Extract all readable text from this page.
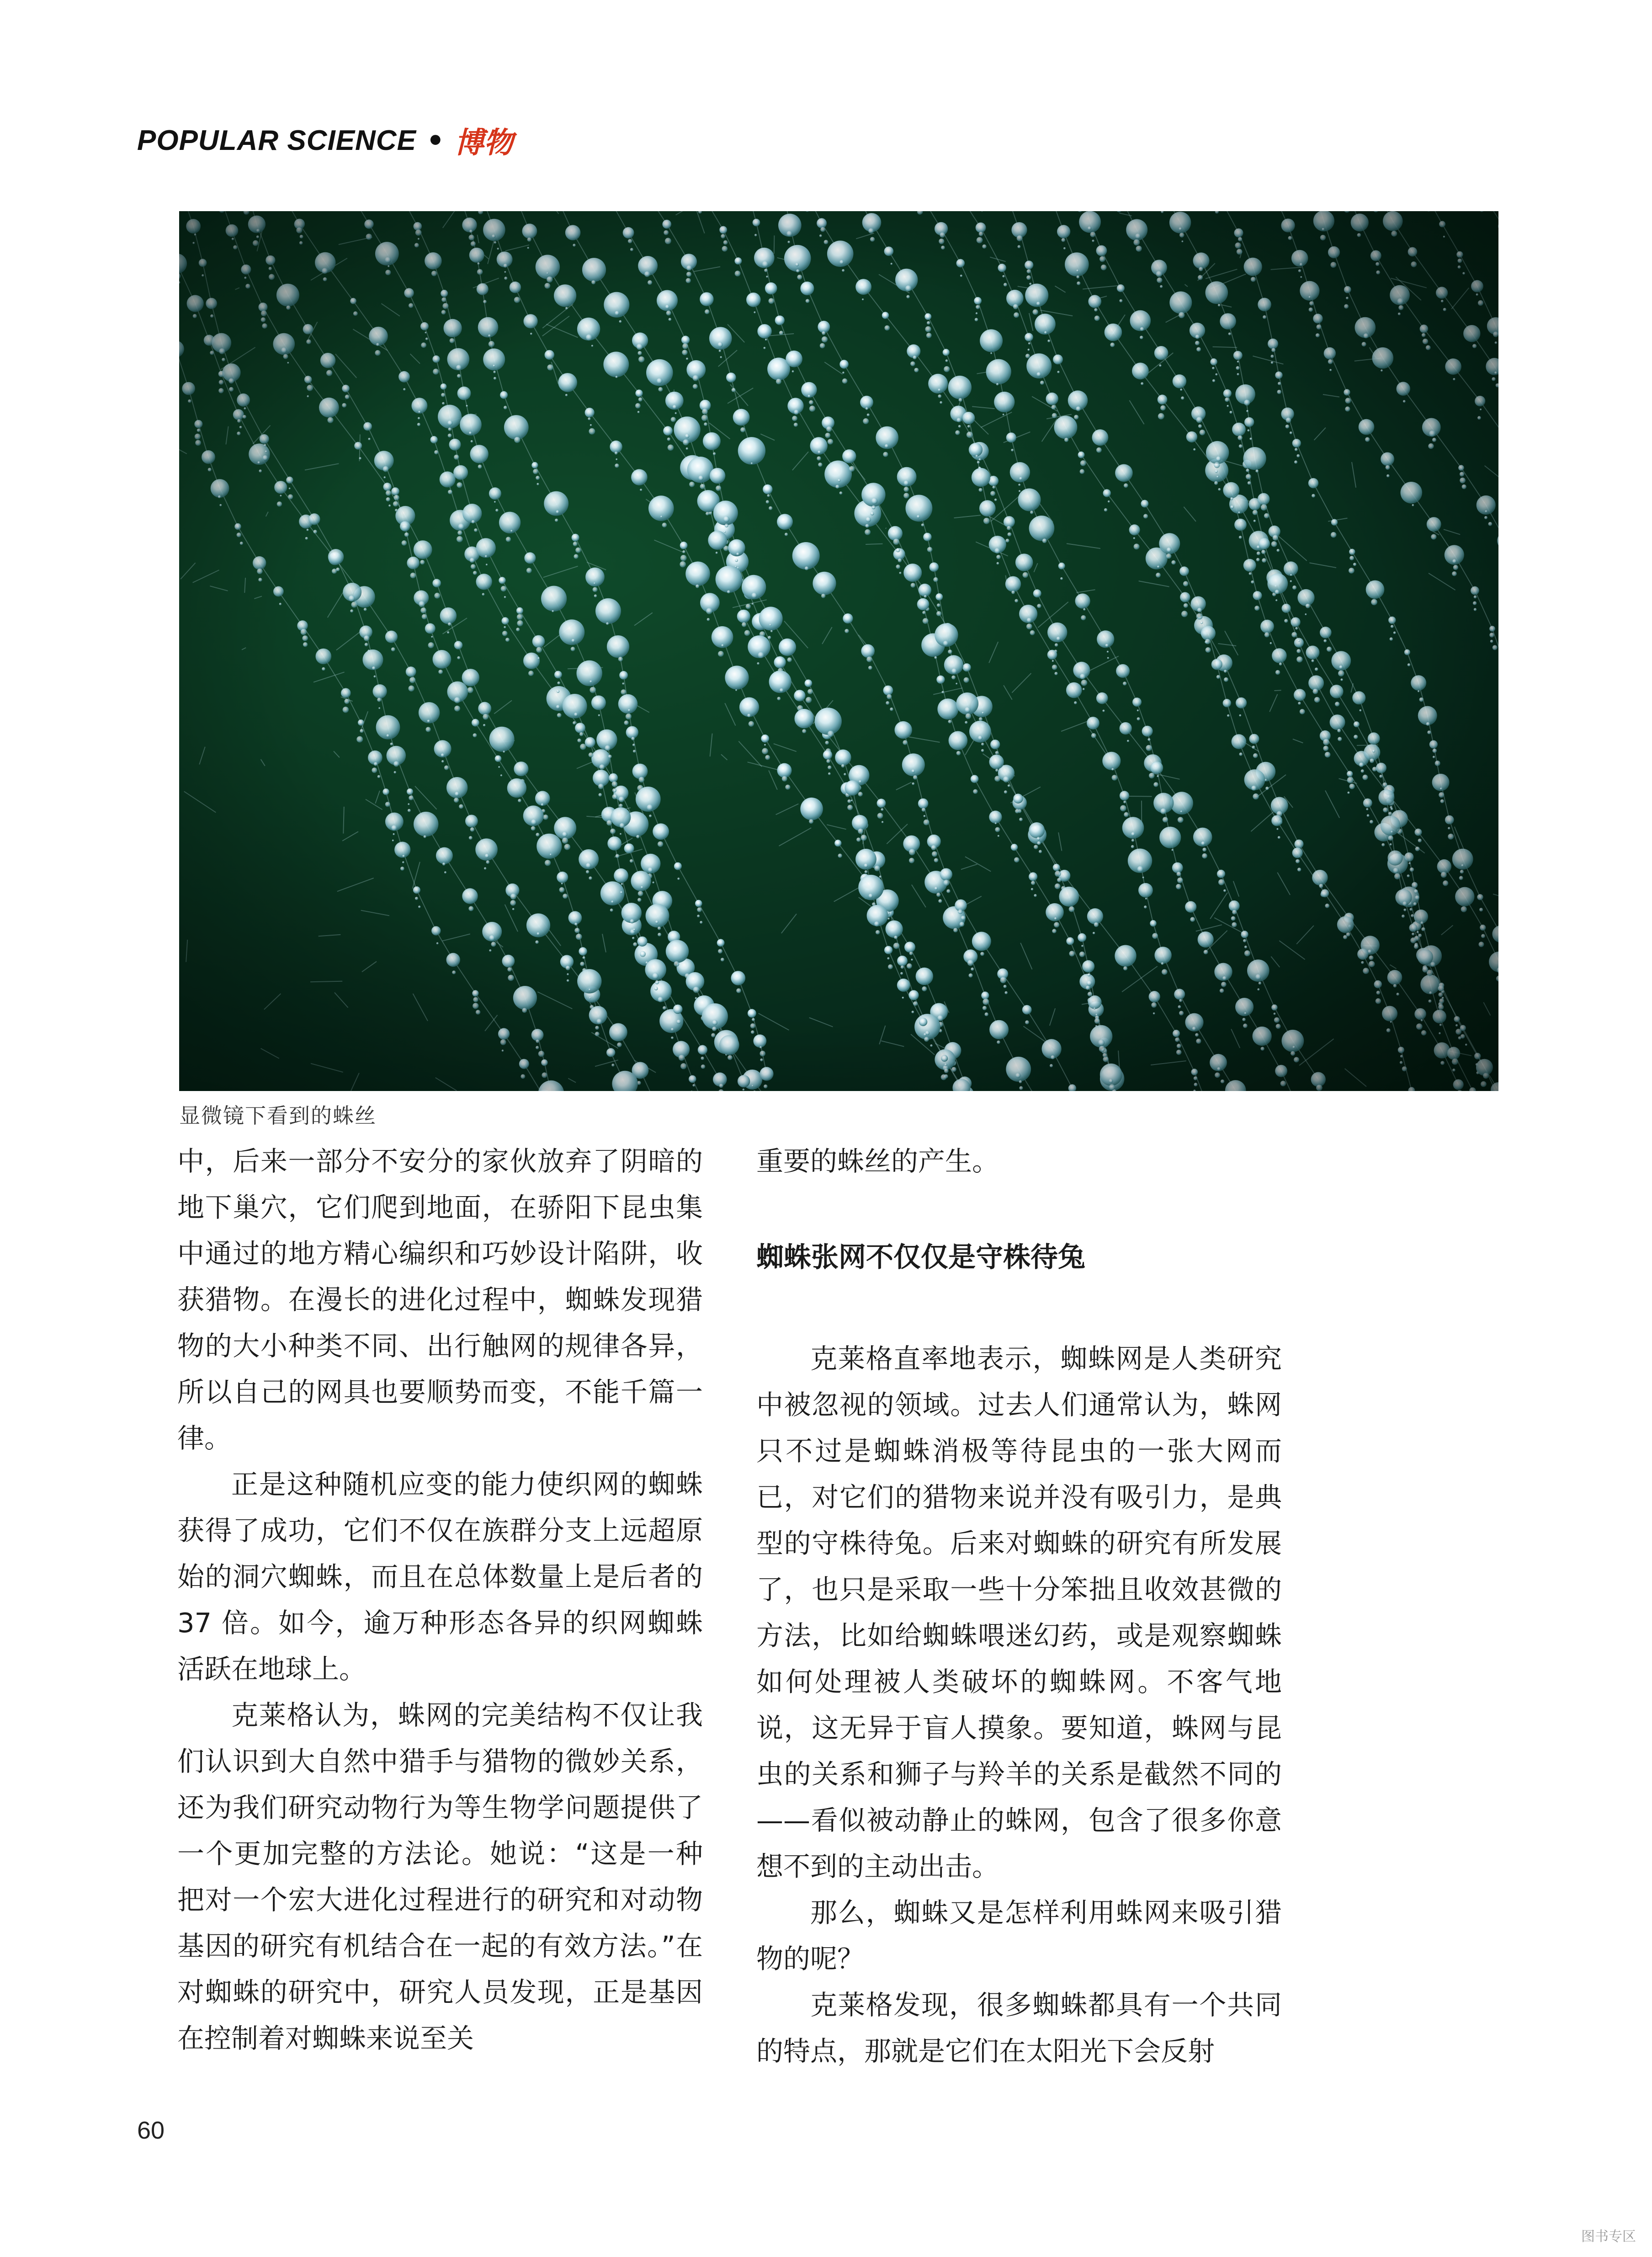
POPULAR SCIENCE • 博物
显微镜下看到的蛛丝

中，后来一部分不安分的家伙放弃了阴暗的地下巢穴，它们爬到地面，在骄阳下昆虫集中通过的地方精心编织和巧妙设计陷阱，收获猎物。在漫长的进化过程中，蜘蛛发现猎物的大小种类不同、出行触网的规律各异，所以自己的网具也要顺势而变，不能千篇一律。

正是这种随机应变的能力使织网的蜘蛛获得了成功，它们不仅在族群分支上远超原始的洞穴蜘蛛，而且在总体数量上是后者的 37 倍。如今，逾万种形态各异的织网蜘蛛活跃在地球上。

克莱格认为，蛛网的完美结构不仅让我们认识到大自然中猎手与猎物的微妙关系，还为我们研究动物行为等生物学问题提供了一个更加完整的方法论。她说：“这是一种把对一个宏大进化过程进行的研究和对动物基因的研究有机结合在一起的有效方法。”在对蜘蛛的研究中，研究人员发现，正是基因在控制着对蜘蛛来说至关

重要的蛛丝的产生。

蜘蛛张网不仅仅是守株待兔

克莱格直率地表示，蜘蛛网是人类研究中被忽视的领域。过去人们通常认为，蛛网只不过是蜘蛛消极等待昆虫的一张大网而已，对它们的猎物来说并没有吸引力，是典型的守株待兔。后来对蜘蛛的研究有所发展了，也只是采取一些十分笨拙且收效甚微的方法，比如给蜘蛛喂迷幻药，或是观察蜘蛛如何处理被人类破坏的蜘蛛网。不客气地说，这无异于盲人摸象。要知道，蛛网与昆虫的关系和狮子与羚羊的关系是截然不同的——看似被动静止的蛛网，包含了很多你意想不到的主动出击。

那么，蜘蛛又是怎样利用蛛网来吸引猎物的呢？

克莱格发现，很多蜘蛛都具有一个共同的特点，那就是它们在太阳光下会反射

60
图书专区
